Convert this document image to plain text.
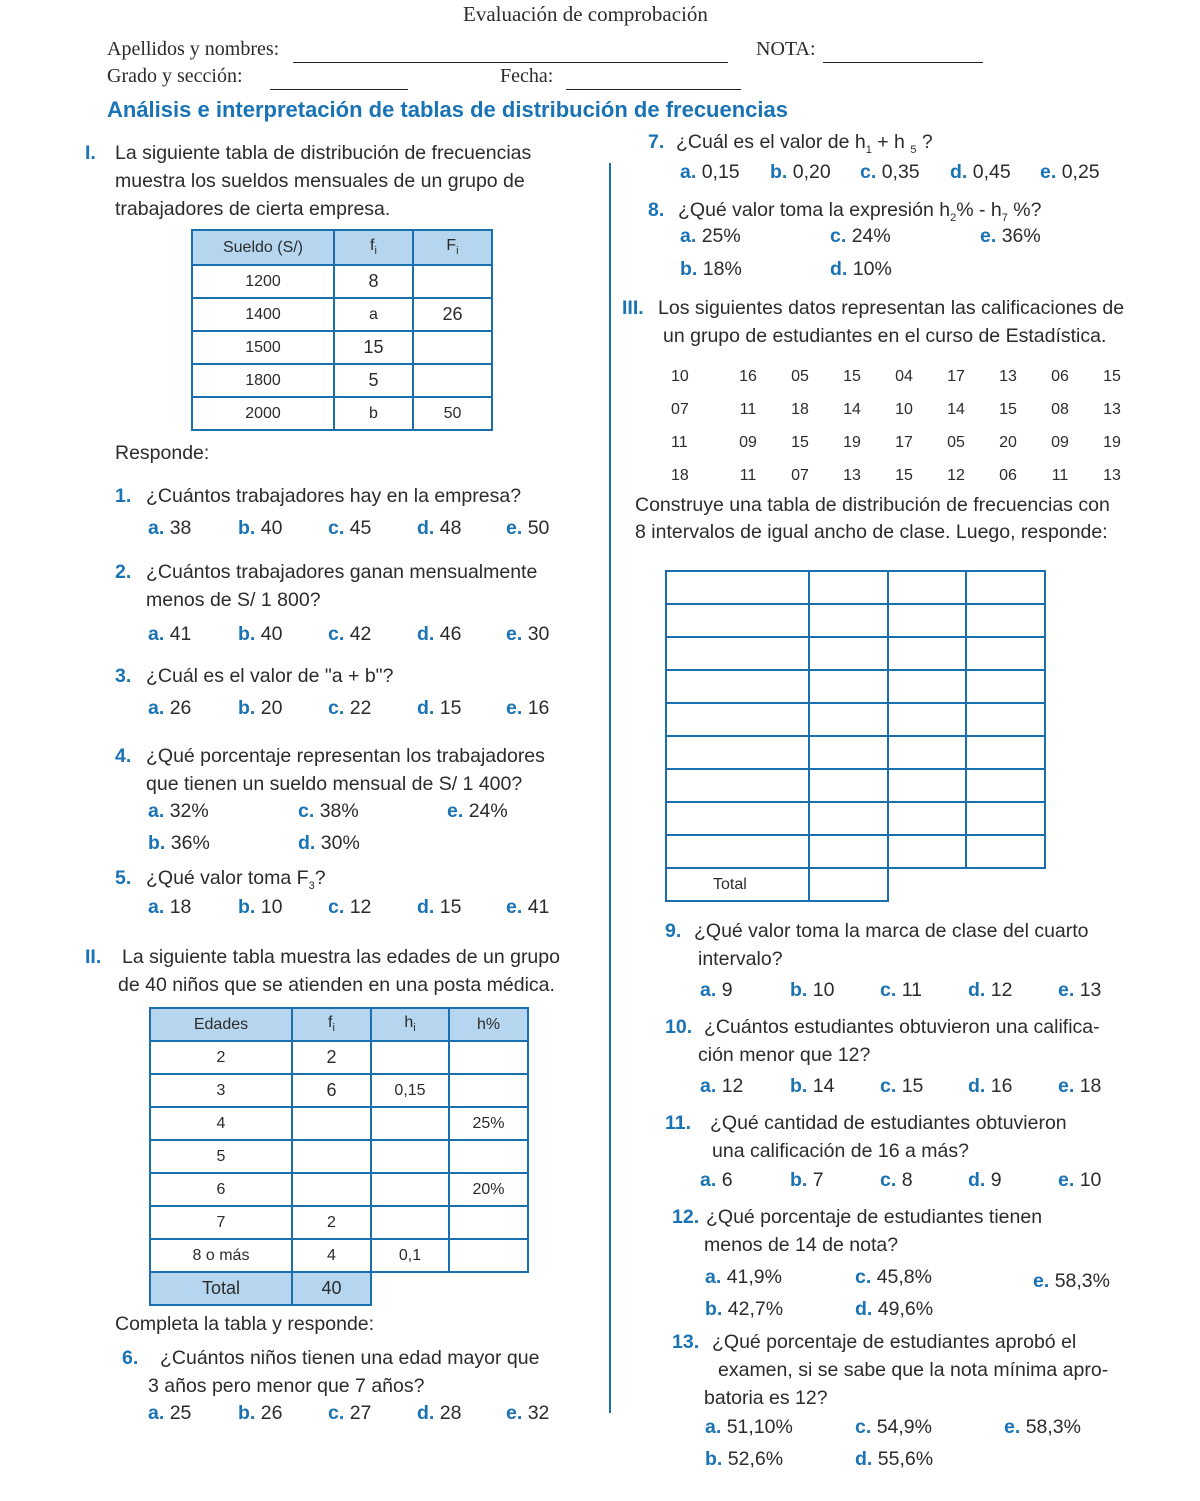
Evaluación de comprobación
Apellidos y nombres:	NOTA:
Grado y sección:	Fecha:
Análisis e interpretación de tablas de distribución de frecuencias
I. La siguiente tabla de distribución de frecuencias
muestra los sueldos mensuales de un grupo de
trabajadores de cierta empresa.
Sueldo (S/)	$f_i$	$F_i$
1200	8	
1400	a	26
1500	15	
1800	5	
2000	b	50
Responde:
1. ¿Cuántos trabajadores hay en la empresa?
a. 38 b. 40 c. 45 d. 48 e. 50
2. ¿Cuántos trabajadores ganan mensualmente
menos de S/ 1 800?
a. 41 b. 40 c. 42 d. 46 e. 30
3. ¿Cuál es el valor de "a + b"?
a. 26 b. 20 c. 22 d. 15 e. 16
4. ¿Qué porcentaje representan los trabajadores
que tienen un sueldo mensual de S/ 1 400?
a. 32%	c. 38%	e. 24%
b. 36%	d. 30%
5. ¿Qué valor toma $F_3$?
a. 18 b. 10 c. 12 d. 15 e. 41
II. La siguiente tabla muestra las edades de un grupo
de 40 niños que se atienden en una posta médica.
Edades	$f_i$	$h_i$	h%
2	2		
3	6	0,15	
4			25%
5			
6			20%
7	2		
8 o más	4	0,1	
Total	40		
Completa la tabla y responde:
6. ¿Cuántos niños tienen una edad mayor que
3 años pero menor que 7 años?
a. 25 b. 26 c. 27 d. 28 e. 32
7. ¿Cuál es el valor de $h_1 + h$ $_5$ ?
a. 0,15 b. 0,20 c. 0,35 d. 0,45 e. 0,25
8. ¿Qué valor toma la expresión $h_2\% - h_7$ %?
a. 25%	c. 24%	e. 36%
b. 18%	d. 10%
III. Los siguientes datos representan las calificaciones de
un grupo de estudiantes en el curso de Estadística.
10	16	05	15	04	17	13	06	15
07	11	18	14	10	14	15	08	13
11	09	15	19	17	05	20	09	19
18	11	07	13	15	12	06	11	13
Construye una tabla de distribución de frecuencias con
8 intervalos de igual ancho de clase. Luego, responde:

Total			
9. ¿Qué valor toma la marca de clase del cuarto
intervalo?
a. 9	b. 10 c. 11 d. 12 e. 13
10. ¿Cuántos estudiantes obtuvieron una califica-
ción menor que 12?
a. 12 b. 14 c. 15 d. 16 e. 18
11. ¿Qué cantidad de estudiantes obtuvieron
una calificación de 16 a más?
a. 6	b. 7	c. 8	d. 9	e. 10
12. ¿Qué porcentaje de estudiantes tienen
menos de 14 de nota?
a. 41,9%	c. 45,8%	e. 58,3%
b. 42,7%	d. 49,6%
13. ¿Qué porcentaje de estudiantes aprobó el
examen, si se sabe que la nota mínima apro-
batoria es 12?
a. 51,10%	c. 54,9%	e. 58,3%
b. 52,6%	d. 55,6%
